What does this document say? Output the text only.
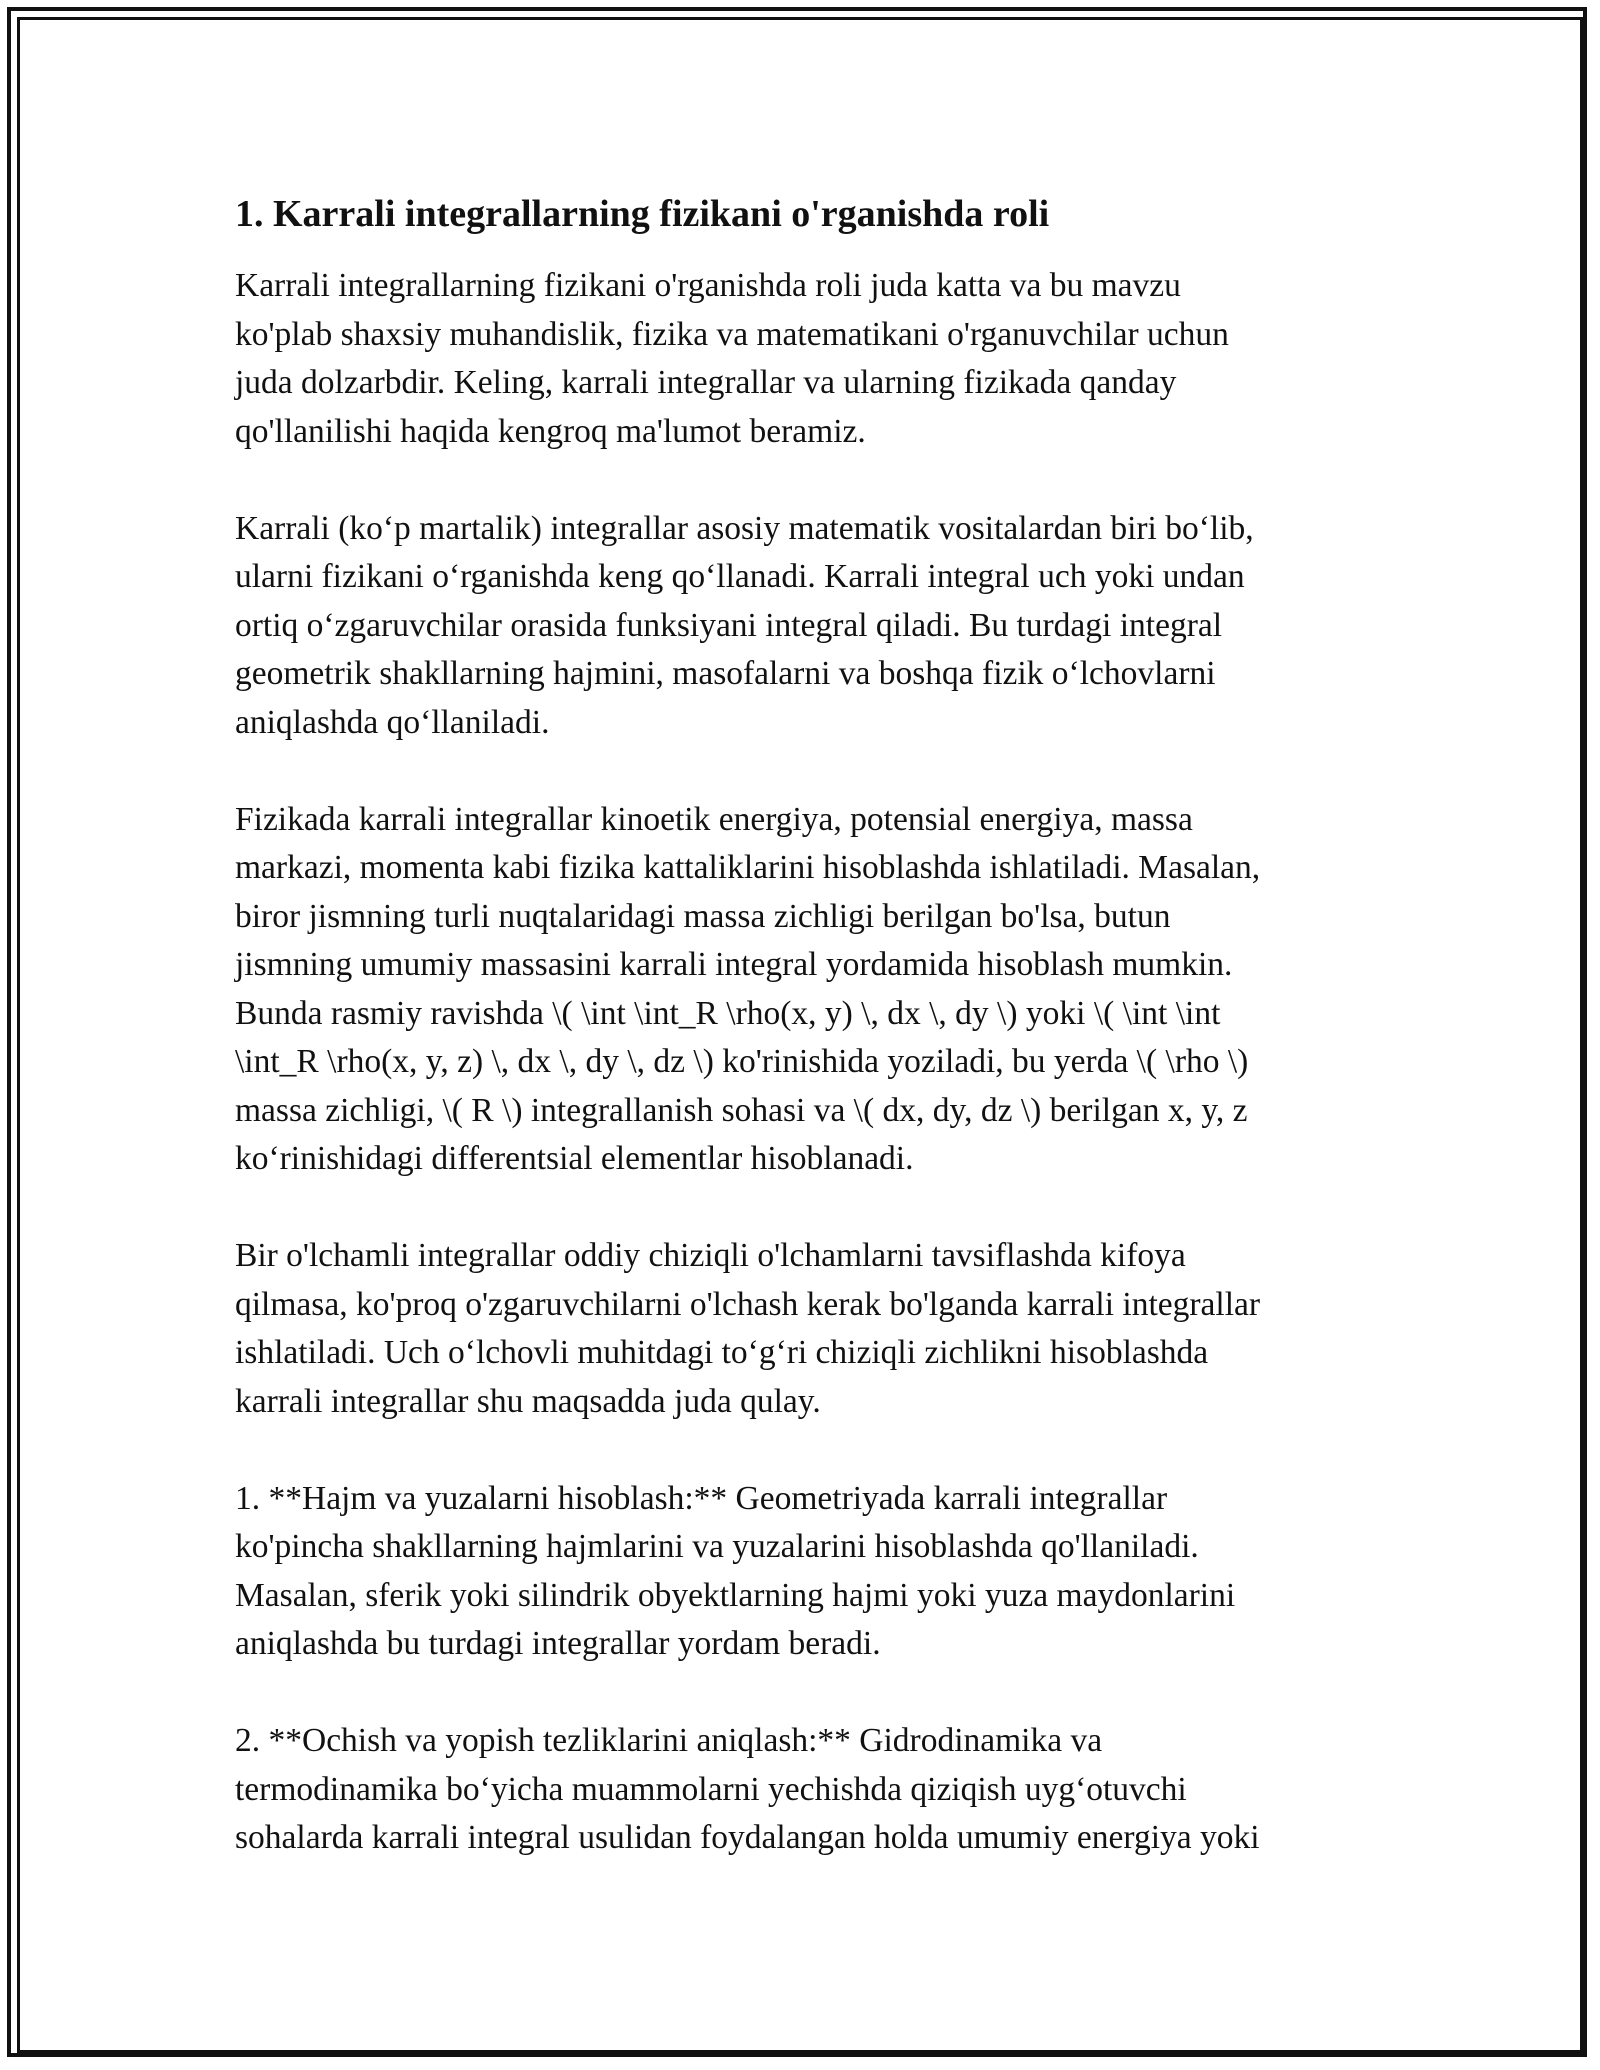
1. Karrali integrallarning fizikani o'rganishda roli
Karrali integrallarning fizikani o'rganishda roli juda katta va bu mavzu
ko'plab shaxsiy muhandislik, fizika va matematikani o'rganuvchilar uchun
juda dolzarbdir. Keling, karrali integrallar va ularning fizikada qanday
qo'llanilishi haqida kengroq ma'lumot beramiz.
Karrali (ko‘p martalik) integrallar asosiy matematik vositalardan biri bo‘lib,
ularni fizikani o‘rganishda keng qo‘llanadi. Karrali integral uch yoki undan
ortiq o‘zgaruvchilar orasida funksiyani integral qiladi. Bu turdagi integral
geometrik shakllarning hajmini, masofalarni va boshqa fizik o‘lchovlarni
aniqlashda qo‘llaniladi.
Fizikada karrali integrallar kinoetik energiya, potensial energiya, massa
markazi, momenta kabi fizika kattaliklarini hisoblashda ishlatiladi. Masalan,
biror jismning turli nuqtalaridagi massa zichligi berilgan bo'lsa, butun
jismning umumiy massasini karrali integral yordamida hisoblash mumkin.
Bunda rasmiy ravishda \( \int \int_R \rho(x, y) \, dx \, dy \) yoki \( \int \int
\int_R \rho(x, y, z) \, dx \, dy \, dz \) ko'rinishida yoziladi, bu yerda \( \rho \)
massa zichligi, \( R \) integrallanish sohasi va \( dx, dy, dz \) berilgan x, y, z
ko‘rinishidagi differentsial elementlar hisoblanadi.
Bir o'lchamli integrallar oddiy chiziqli o'lchamlarni tavsiflashda kifoya
qilmasa, ko'proq o'zgaruvchilarni o'lchash kerak bo'lganda karrali integrallar
ishlatiladi. Uch o‘lchovli muhitdagi to‘g‘ri chiziqli zichlikni hisoblashda
karrali integrallar shu maqsadda juda qulay.
1. **Hajm va yuzalarni hisoblash:** Geometriyada karrali integrallar
ko'pincha shakllarning hajmlarini va yuzalarini hisoblashda qo'llaniladi.
Masalan, sferik yoki silindrik obyektlarning hajmi yoki yuza maydonlarini
aniqlashda bu turdagi integrallar yordam beradi.
2. **Ochish va yopish tezliklarini aniqlash:** Gidrodinamika va
termodinamika bo‘yicha muammolarni yechishda qiziqish uyg‘otuvchi
sohalarda karrali integral usulidan foydalangan holda umumiy energiya yoki
